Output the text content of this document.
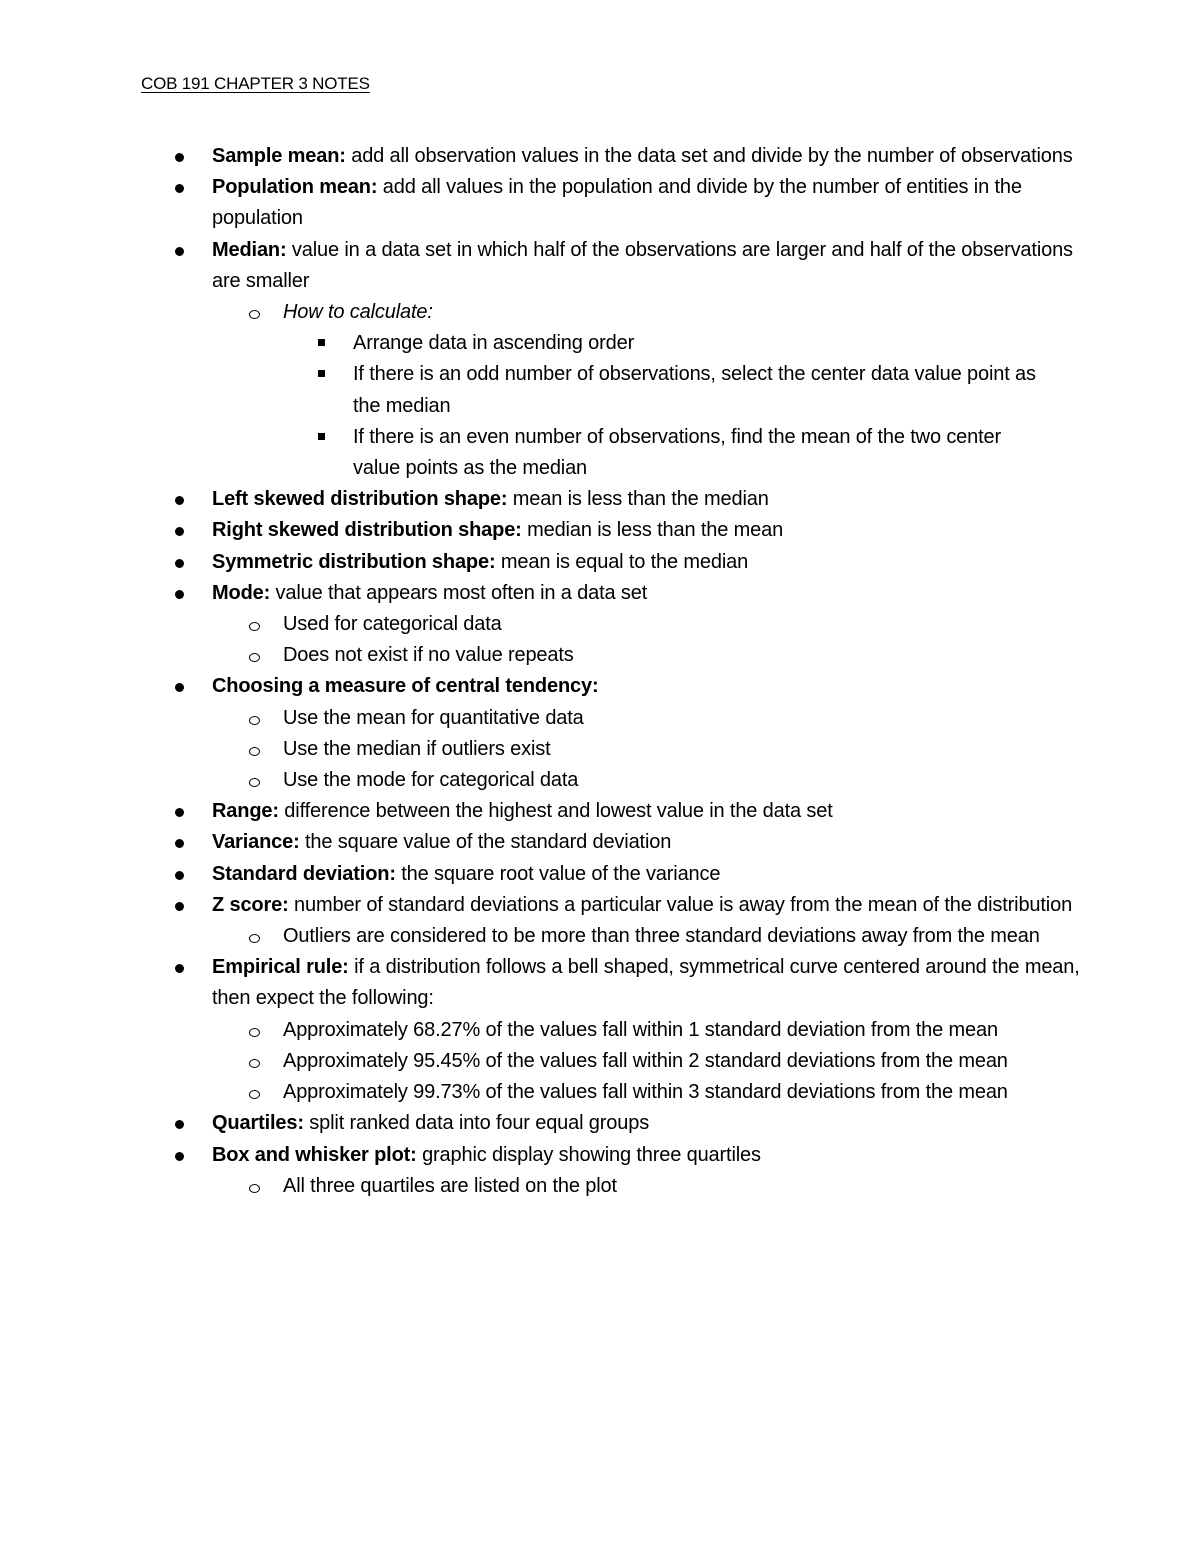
COB 191 CHAPTER 3 NOTES
Sample mean: add all observation values in the data set and divide by the number of observations
Population mean: add all values in the population and divide by the number of entities in the population
Median: value in a data set in which half of the observations are larger and half of the observations are smaller
How to calculate:
Arrange data in ascending order
If there is an odd number of observations, select the center data value point as the median
If there is an even number of observations, find the mean of the two center value points as the median
Left skewed distribution shape: mean is less than the median
Right skewed distribution shape: median is less than the mean
Symmetric distribution shape: mean is equal to the median
Mode: value that appears most often in a data set
Used for categorical data
Does not exist if no value repeats
Choosing a measure of central tendency:
Use the mean for quantitative data
Use the median if outliers exist
Use the mode for categorical data
Range: difference between the highest and lowest value in the data set
Variance: the square value of the standard deviation
Standard deviation: the square root value of the variance
Z score: number of standard deviations a particular value is away from the mean of the distribution
Outliers are considered to be more than three standard deviations away from the mean
Empirical rule: if a distribution follows a bell shaped, symmetrical curve centered around the mean, then expect the following:
Approximately 68.27% of the values fall within 1 standard deviation from the mean
Approximately 95.45% of the values fall within 2 standard deviations from the mean
Approximately 99.73% of the values fall within 3 standard deviations from the mean
Quartiles: split ranked data into four equal groups
Box and whisker plot: graphic display showing three quartiles
All three quartiles are listed on the plot
